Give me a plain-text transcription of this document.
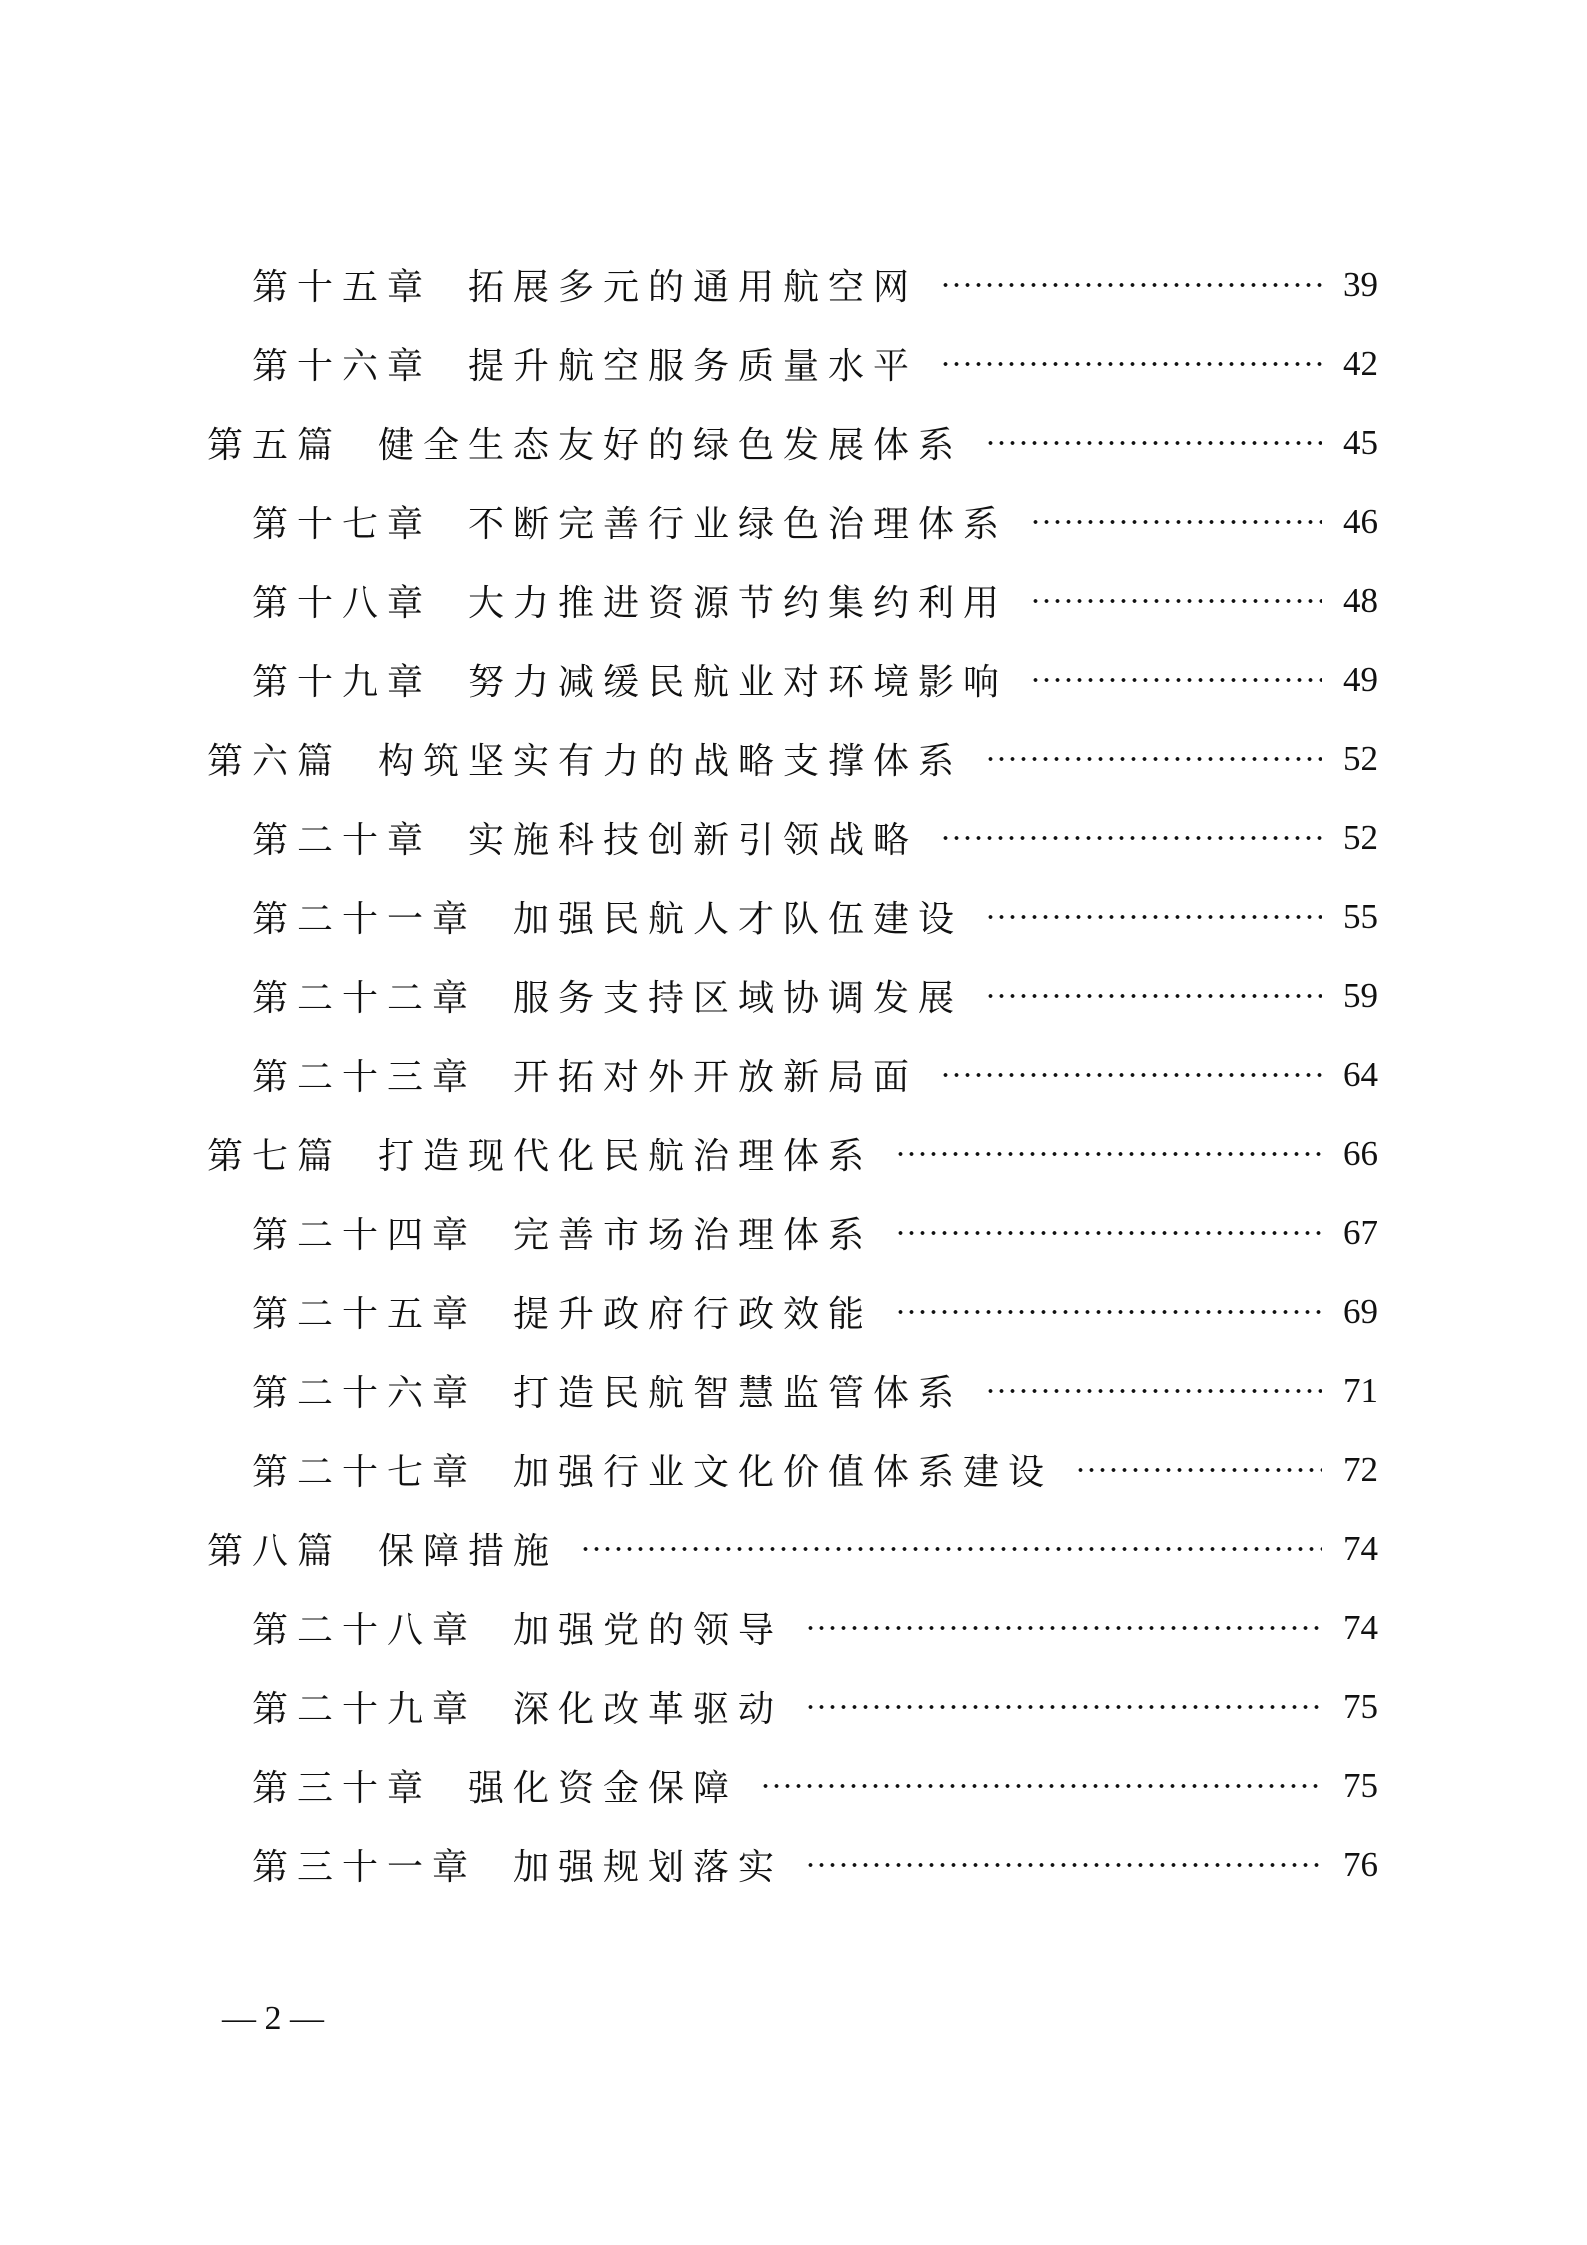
第十五章 拓展多元的通用航空网	39
第十六章 提升航空服务质量水平	42
第五篇 健全生态友好的绿色发展体系	45
第十七章 不断完善行业绿色治理体系	46
第十八章 大力推进资源节约集约利用	48
第十九章 努力减缓民航业对环境影响	49
第六篇 构筑坚实有力的战略支撑体系	52
第二十章 实施科技创新引领战略	52
第二十一章 加强民航人才队伍建设	55
第二十二章 服务支持区域协调发展	59
第二十三章 开拓对外开放新局面	64
第七篇 打造现代化民航治理体系	66
第二十四章 完善市场治理体系	67
第二十五章 提升政府行政效能	69
第二十六章 打造民航智慧监管体系	71
第二十七章 加强行业文化价值体系建设	72
第八篇 保障措施	74
第二十八章 加强党的领导	74
第二十九章 深化改革驱动	75
第三十章 强化资金保障	75
第三十一章 加强规划落实	76
— 2 —
